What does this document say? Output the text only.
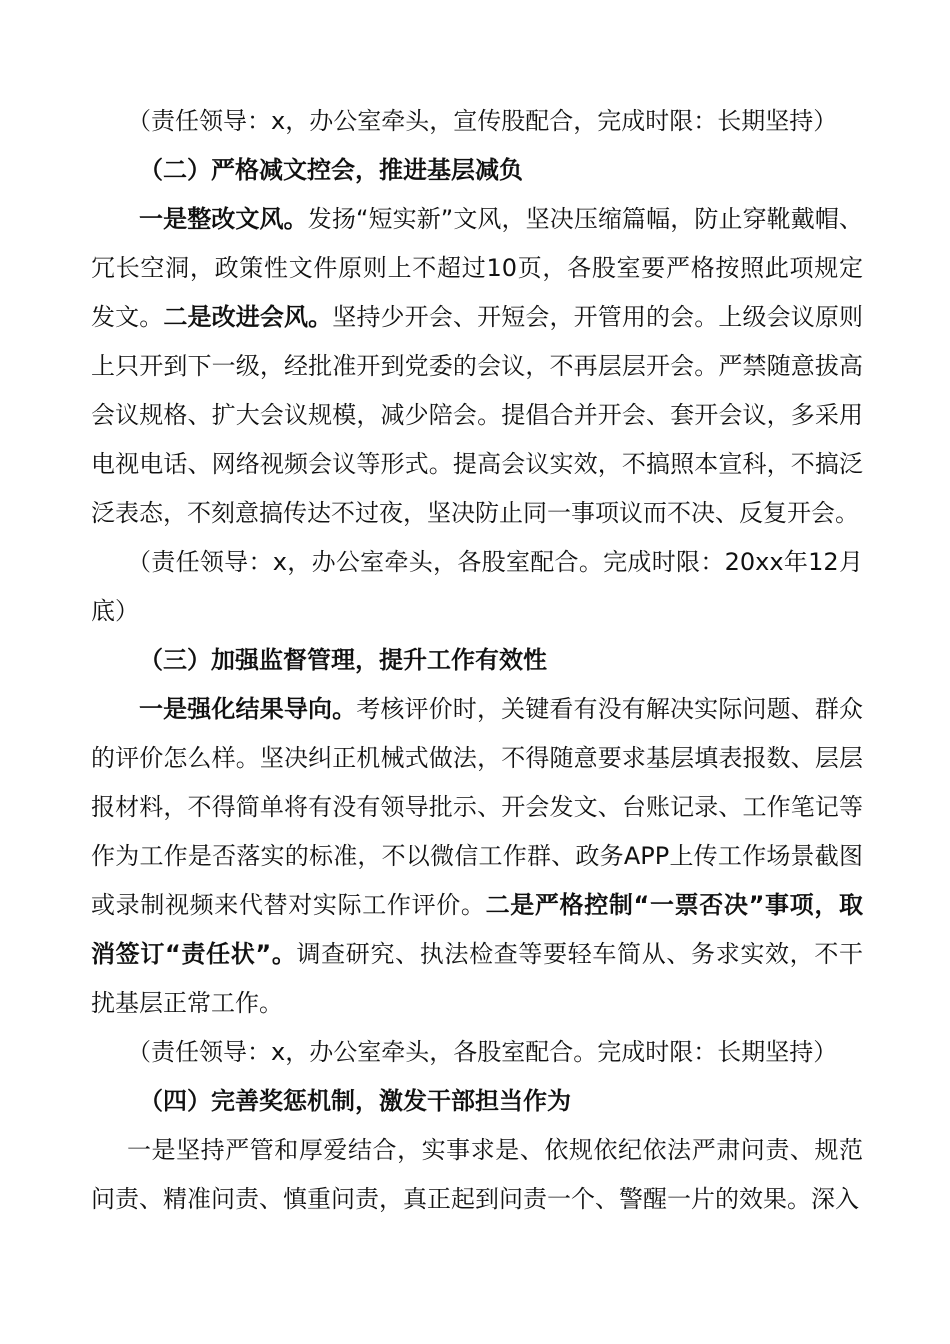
（责任领导：x，办公室牵头，宣传股配合，完成时限：长期坚持）

（二）严格减文控会，推进基层减负

一是整改文风。发扬“短实新”文风，坚决压缩篇幅，防止穿靴戴帽、冗长空洞，政策性文件原则上不超过10页，各股室要严格按照此项规定发文。二是改进会风。坚持少开会、开短会，开管用的会。上级会议原则上只开到下一级，经批准开到党委的会议，不再层层开会。严禁随意拔高会议规格、扩大会议规模，减少陪会。提倡合并开会、套开会议，多采用电视电话、网络视频会议等形式。提高会议实效，不搞照本宣科，不搞泛泛表态，不刻意搞传达不过夜，坚决防止同一事项议而不决、反复开会。

（责任领导：x，办公室牵头，各股室配合。完成时限：20xx年12月底）

（三）加强监督管理，提升工作有效性

一是强化结果导向。考核评价时，关键看有没有解决实际问题、群众的评价怎么样。坚决纠正机械式做法，不得随意要求基层填表报数、层层报材料，不得简单将有没有领导批示、开会发文、台账记录、工作笔记等作为工作是否落实的标准，不以微信工作群、政务APP上传工作场景截图或录制视频来代替对实际工作评价。二是严格控制“一票否决”事项，取消签订“责任状”。调查研究、执法检查等要轻车简从、务求实效，不干扰基层正常工作。

（责任领导：x，办公室牵头，各股室配合。完成时限：长期坚持）

（四）完善奖惩机制，激发干部担当作为

一是坚持严管和厚爱结合，实事求是、依规依纪依法严肃问责、规范问责、精准问责、慎重问责，真正起到问责一个、警醒一片的效果。深入
